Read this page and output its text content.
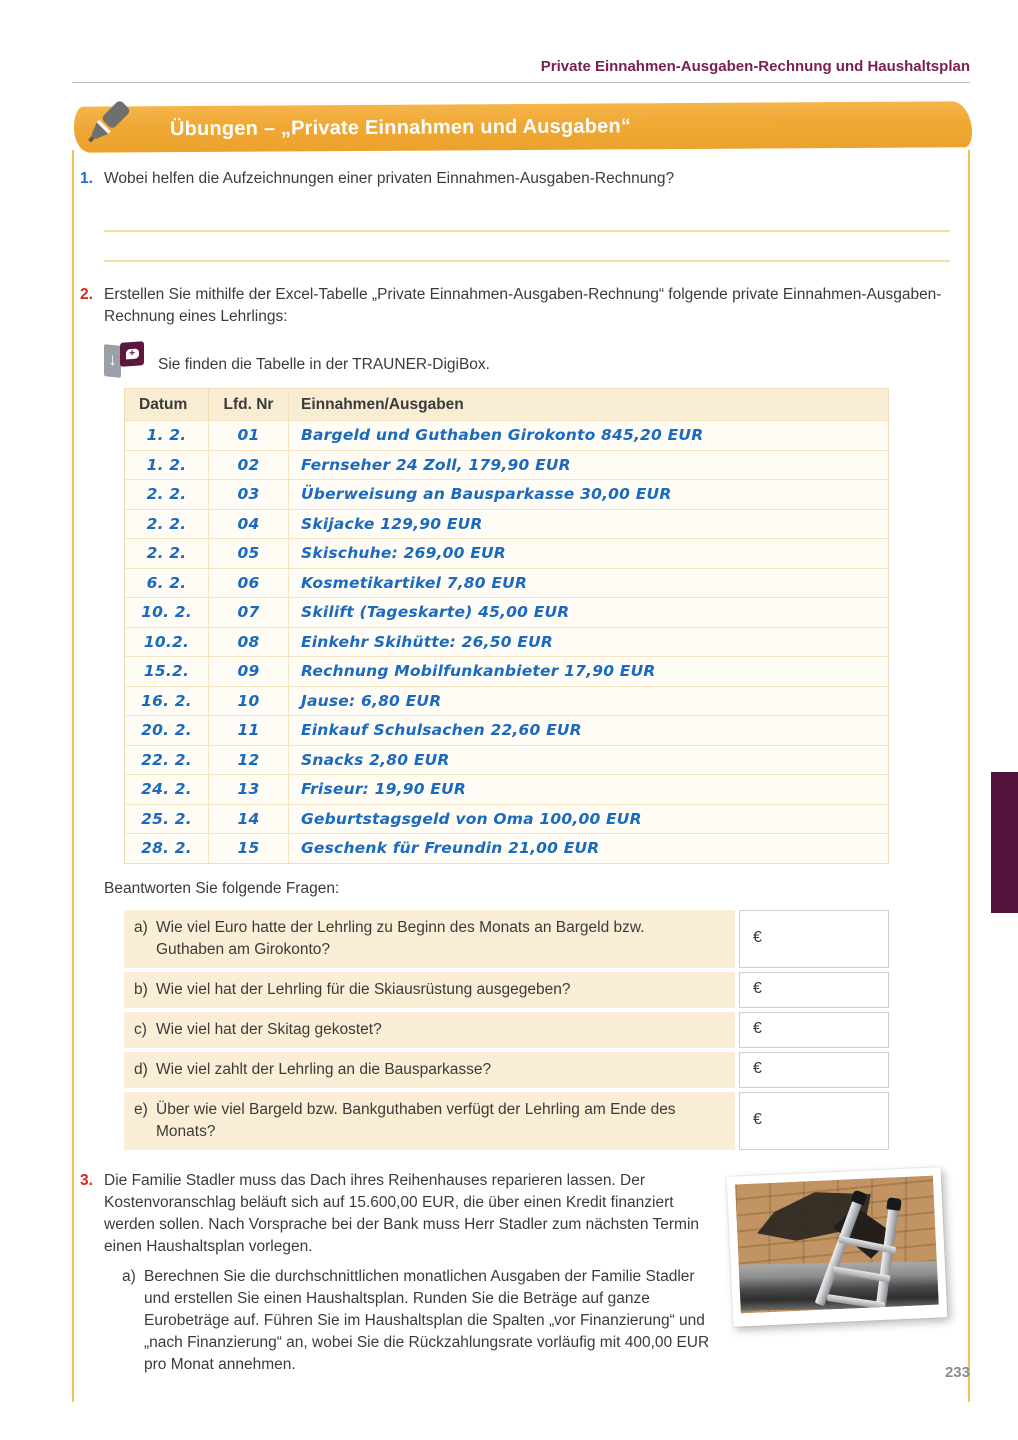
Private Einnahmen-Ausgaben-Rechnung und Haushaltsplan
Übungen – „Private Einnahmen und Ausgaben“
1. Wobei helfen die Aufzeichnungen einer privaten Einnahmen-Ausgaben-Rechnung?
2. Erstellen Sie mithilfe der Excel-Tabelle „Private Einnahmen-Ausgaben-Rechnung“ folgende private Einnahmen-Ausgaben-Rechnung eines Lehrlings:
↓	+
Sie finden die Tabelle in der TRAUNER-DigiBox.
Datum	Lfd. Nr	Einnahmen/Ausgaben
1. 2.	01	Bargeld und Guthaben Girokonto 845,20 EUR
1. 2.	02	Fernseher 24 Zoll, 179,90 EUR
2. 2.	03	Überweisung an Bausparkasse 30,00 EUR
2. 2.	04	Skijacke 129,90 EUR
2. 2.	05	Skischuhe: 269,00 EUR
6. 2.	06	Kosmetikartikel 7,80 EUR
10. 2.	07	Skilift (Tageskarte) 45,00 EUR
10.2.	08	Einkehr Skihütte: 26,50 EUR
15.2.	09	Rechnung Mobilfunkanbieter 17,90 EUR
16. 2.	10	Jause: 6,80 EUR
20. 2.	11	Einkauf Schulsachen 22,60 EUR
22. 2.	12	Snacks 2,80 EUR
24. 2.	13	Friseur: 19,90 EUR
25. 2.	14	Geburtstagsgeld von Oma 100,00 EUR
28. 2.	15	Geschenk für Freundin 21,00 EUR
Beantworten Sie folgende Fragen:
a) Wie viel Euro hatte der Lehrling zu Beginn des Monats an Bargeld bzw. Guthaben am Girokonto?
€
b) Wie viel hat der Lehrling für die Skiausrüstung ausgegeben?	€
c) Wie viel hat der Skitag gekostet?	€
d) Wie viel zahlt der Lehrling an die Bausparkasse?	€
e) Über wie viel Bargeld bzw. Bankguthaben verfügt der Lehrling am Ende des Monats?
€
3. Die Familie Stadler muss das Dach ihres Reihenhauses reparieren lassen. Der Kostenvoranschlag beläuft sich auf 15.600,00 EUR, die über einen Kredit finanziert werden sollen. Nach Vorsprache bei der Bank muss Herr Stadler zum nächsten Termin einen Haushaltsplan vorlegen.
a) Berechnen Sie die durchschnittlichen monatlichen Ausgaben der Familie Stadler und erstellen Sie einen Haushaltsplan. Runden Sie die Beträge auf ganze Eurobeträge auf. Führen Sie im Haushaltsplan die Spalten „vor Finanzierung“ und „nach Finanzierung“ an, wobei Sie die Rückzahlungsrate vorläufig mit 400,00 EUR pro Monat annehmen.	233
